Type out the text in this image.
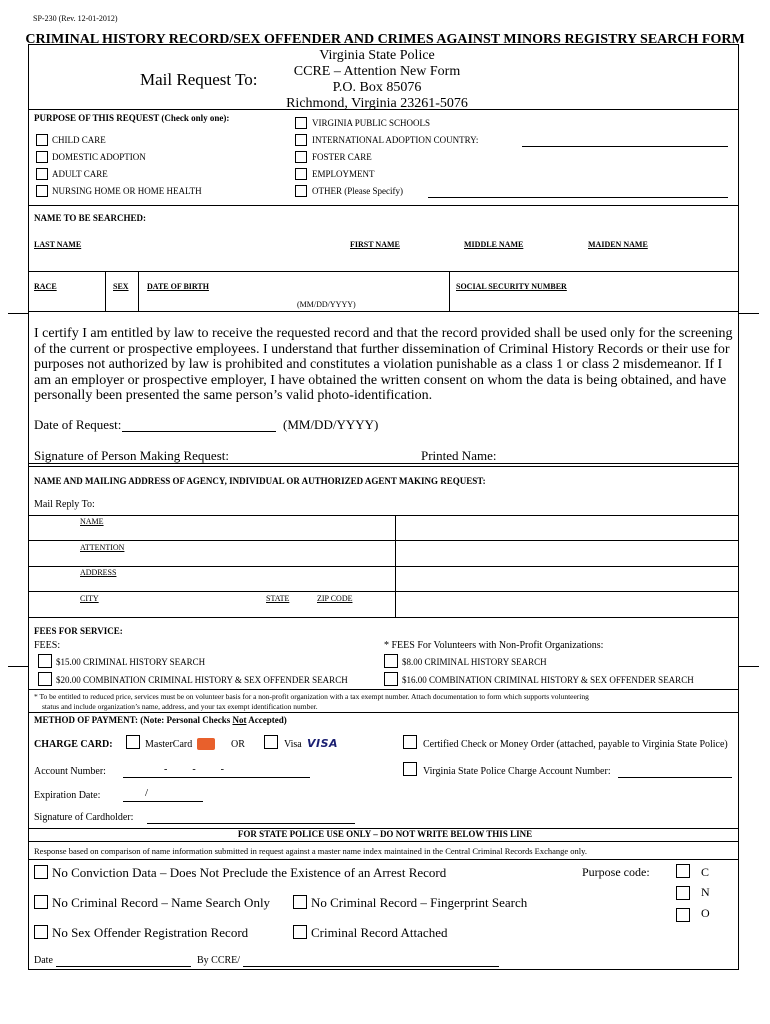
SP-230 (Rev. 12-01-2012)
CRIMINAL HISTORY RECORD/SEX OFFENDER AND CRIMES AGAINST MINORS REGISTRY SEARCH FORM
Mail Request To:
Virginia State Police
CCRE – Attention New Form
P.O. Box 85076
Richmond, Virginia 23261-5076
PURPOSE OF THIS REQUEST (Check only one):
CHILD CARE
DOMESTIC ADOPTION
ADULT CARE
NURSING HOME OR HOME HEALTH
VIRGINIA PUBLIC SCHOOLS
INTERNATIONAL ADOPTION COUNTRY:
FOSTER CARE
EMPLOYMENT
OTHER (Please Specify)
NAME TO BE SEARCHED:
LAST NAME	FIRST NAME	MIDDLE NAME	MAIDEN NAME
RACE	SEX DATE OF BIRTH	SOCIAL SECURITY NUMBER
(MM/DD/YYYY)
I certify I am entitled by law to receive the requested record and that the record provided shall be used only for the screening of the current or prospective employees. I understand that further dissemination of Criminal History Records or their use for purposes not authorized by law is prohibited and constitutes a violation punishable as a class 1 or class 2 misdemeanor. If I am an employer or prospective employer, I have obtained the written consent on whom the data is being obtained, and have personally been presented the same person’s valid photo-identification.
Date of Request:	(MM/DD/YYYY)
Signature of Person Making Request:	Printed Name:
NAME AND MAILING ADDRESS OF AGENCY, INDIVIDUAL OR AUTHORIZED AGENT MAKING REQUEST:
Mail Reply To:
NAME
ATTENTION
ADDRESS
CITY	STATE	ZIP CODE
FEES FOR SERVICE:
FEES:	* FEES For Volunteers with Non-Profit Organizations:
$15.00 CRIMINAL HISTORY SEARCH	$8.00 CRIMINAL HISTORY SEARCH
$20.00 COMBINATION CRIMINAL HISTORY & SEX OFFENDER SEARCH	$16.00 COMBINATION CRIMINAL HISTORY & SEX OFFENDER SEARCH
* To be entitled to reduced price, services must be on volunteer basis for a non-profit organization with a tax exempt number. Attach documentation to form which supports volunteering
status and include organization’s name, address, and your tax exempt identification number.
METHOD OF PAYMENT: (Note: Personal Checks Not Accepted)
CHARGE CARD:	MasterCard	OR	Visa VISA	Certified Check or Money Order (attached, payable to Virginia State Police)
Account Number:	-          -          -	Virginia State Police Charge Account Number:
Expiration Date:	/
Signature of Cardholder:
FOR STATE POLICE USE ONLY – DO NOT WRITE BELOW THIS LINE
Response based on comparison of name information submitted in request against a master name index maintained in the Central Criminal Records Exchange only.
No Conviction Data – Does Not Preclude the Existence of an Arrest Record	Purpose code:	C
N
O
No Criminal Record – Name Search Only	No Criminal Record – Fingerprint Search
No Sex Offender Registration Record	Criminal Record Attached
Date	By CCRE/
